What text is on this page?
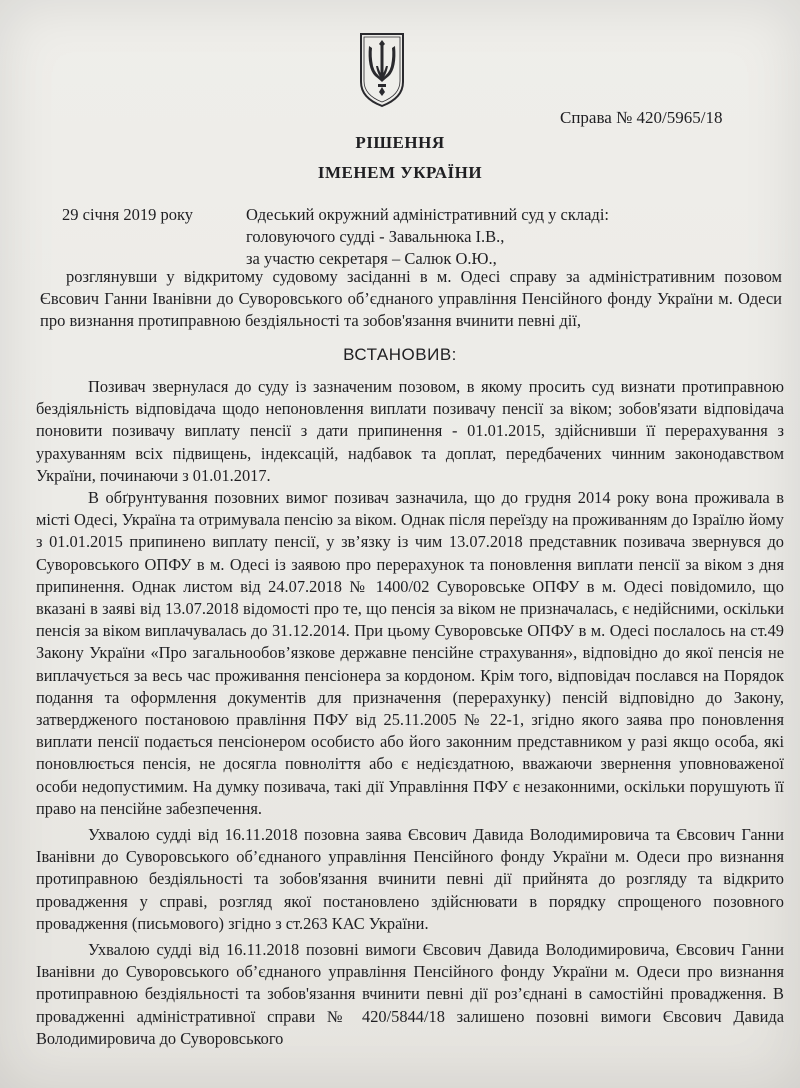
Справа № 420/5965/18
РІШЕННЯ
ІМЕНЕМ УКРАЇНИ
29 січня 2019 року	Одеський окружний адміністративний суд у складі:
головуючого судді - Завальнюка І.В.,
за участю секретаря – Салюк О.Ю.,
розглянувши у відкритому судовому засіданні в м. Одесі справу за адміністративним позовом Євсович Ганни Іванівни до Суворовського об’єднаного управління Пенсійного фонду України м. Одеси про визнання протиправною бездіяльності та зобов'язання вчинити певні дії,
ВСТАНОВИВ:

Позивач звернулася до суду із зазначеним позовом, в якому просить суд визнати протиправною бездіяльність відповідача щодо непоновлення виплати позивачу пенсії за віком; зобов'язати відповідача поновити позивачу виплату пенсії з дати припинення - 01.01.2015, здійснивши її перерахування з урахуванням всіх підвищень, індексацій, надбавок та доплат, передбачених чинним законодавством України, починаючи з 01.01.2017.

В обґрунтування позовних вимог позивач зазначила, що до грудня 2014 року вона проживала в місті Одесі, Україна та отримувала пенсію за віком. Однак після переїзду на проживанням до Ізраїлю йому з 01.01.2015 припинено виплату пенсії, у зв’язку із чим 13.07.2018 представник позивача звернувся до Суворовського ОПФУ в м. Одесі із заявою про перерахунок та поновлення виплати пенсії за віком з дня припинення. Однак листом від 24.07.2018 № 1400/02 Суворовське ОПФУ в м. Одесі повідомило, що вказані в заяві від 13.07.2018 відомості про те, що пенсія за віком не призначалась, є недійсними, оскільки пенсія за віком виплачувалась до 31.12.2014. При цьому Суворовське ОПФУ в м. Одесі послалось на ст.49 Закону України «Про загальнообов’язкове державне пенсійне страхування», відповідно до якої пенсія не виплачується за весь час проживання пенсіонера за кордоном. Крім того, відповідач послався на Порядок подання та оформлення документів для призначення (перерахунку) пенсій відповідно до Закону, затвердженого постановою правління ПФУ від 25.11.2005 № 22-1, згідно якого заява про поновлення виплати пенсії подається пенсіонером особисто або його законним представником у разі якщо особа, які поновлюється пенсія, не досягла повноліття або є недієздатною, вважаючи звернення уповноваженої особи недопустимим. На думку позивача, такі дії Управління ПФУ є незаконними, оскільки порушують її право на пенсійне забезпечення.

Ухвалою судді від 16.11.2018 позовна заява Євсович Давида Володимировича та Євсович Ганни Іванівни до Суворовського об’єднаного управління Пенсійного фонду України м. Одеси про визнання протиправною бездіяльності та зобов'язання вчинити певні дії прийнята до розгляду та відкрито провадження у справі, розгляд якої постановлено здійснювати в порядку спрощеного позовного провадження (письмового) згідно з ст.263 КАС України.

Ухвалою судді від 16.11.2018 позовні вимоги Євсович Давида Володимировича, Євсович Ганни Іванівни до Суворовського об’єднаного управління Пенсійного фонду України м. Одеси про визнання протиправною бездіяльності та зобов'язання вчинити певні дії роз’єднані в самостійні провадження. В провадженні адміністративної справи № 420/5844/18 залишено позовні вимоги Євсович Давида Володимировича до Суворовського
